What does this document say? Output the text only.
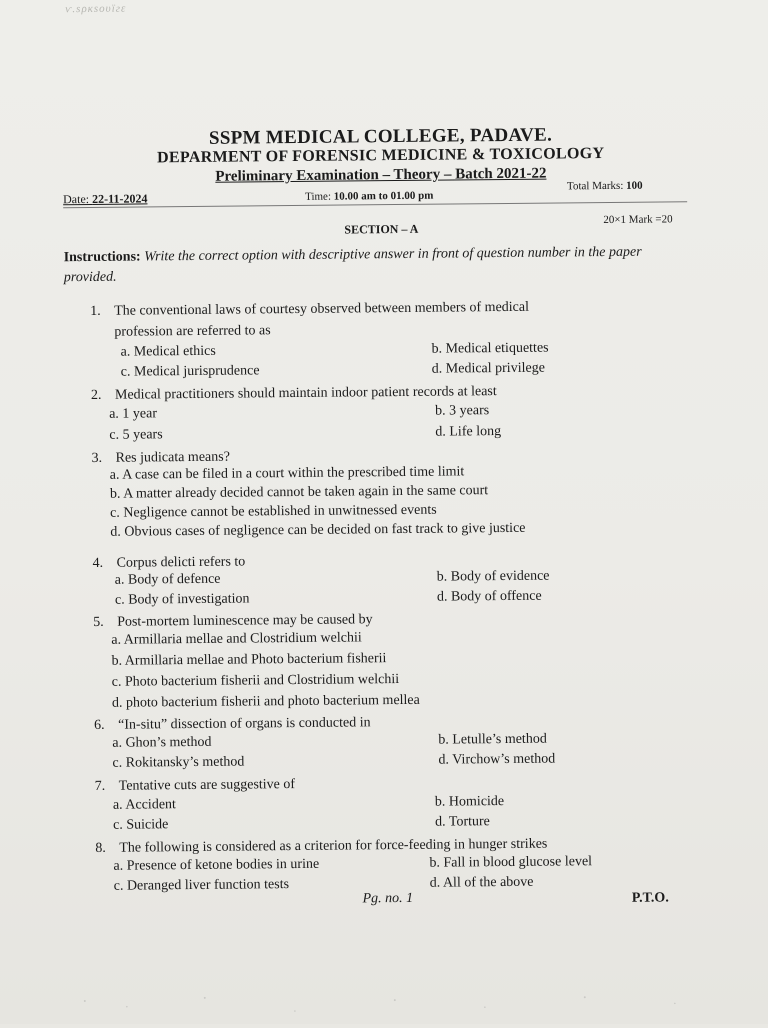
ѵ.ѕρкѕоυїгε
SSPM MEDICAL COLLEGE, PADAVE.
DEPARMENT OF FORENSIC MEDICINE & TOXICOLOGY
Preliminary Examination – Theory – Batch 2021-22
Date: 22-11-2024	Time: 10.00 am to 01.00 pm
Total Marks: 100
SECTION – A
20×1 Mark =20
Instructions: Write the correct option with descriptive answer in front of question number in the paper provided.
1. The conventional laws of courtesy observed between members of medical
profession are referred to as
a. Medical ethics	b. Medical etiquettes
c. Medical jurisprudence	d. Medical privilege
2. Medical practitioners should maintain indoor patient records at least
a. 1 year	b. 3 years
c. 5 years	d. Life long
3. Res judicata means?
a. A case can be filed in a court within the prescribed time limit
b. A matter already decided cannot be taken again in the same court
c. Negligence cannot be established in unwitnessed events
d. Obvious cases of negligence can be decided on fast track to give justice
4. Corpus delicti refers to
a. Body of defence	b. Body of evidence
c. Body of investigation	d. Body of offence
5. Post-mortem luminescence may be caused by
a. Armillaria mellae and Clostridium welchii
b. Armillaria mellae and Photo bacterium fisherii
c. Photo bacterium fisherii and Clostridium welchii
d. photo bacterium fisherii and photo bacterium mellea
6. “In-situ” dissection of organs is conducted in
a. Ghon’s method	b. Letulle’s method
c. Rokitansky’s method	d. Virchow’s method
7. Tentative cuts are suggestive of
a. Accident	b. Homicide
c. Suicide	d. Torture
8. The following is considered as a criterion for force-feeding in hunger strikes
a. Presence of ketone bodies in urine	b. Fall in blood glucose level
c. Deranged liver function tests	d. All of the above
Pg. no. 1	P.T.O.
